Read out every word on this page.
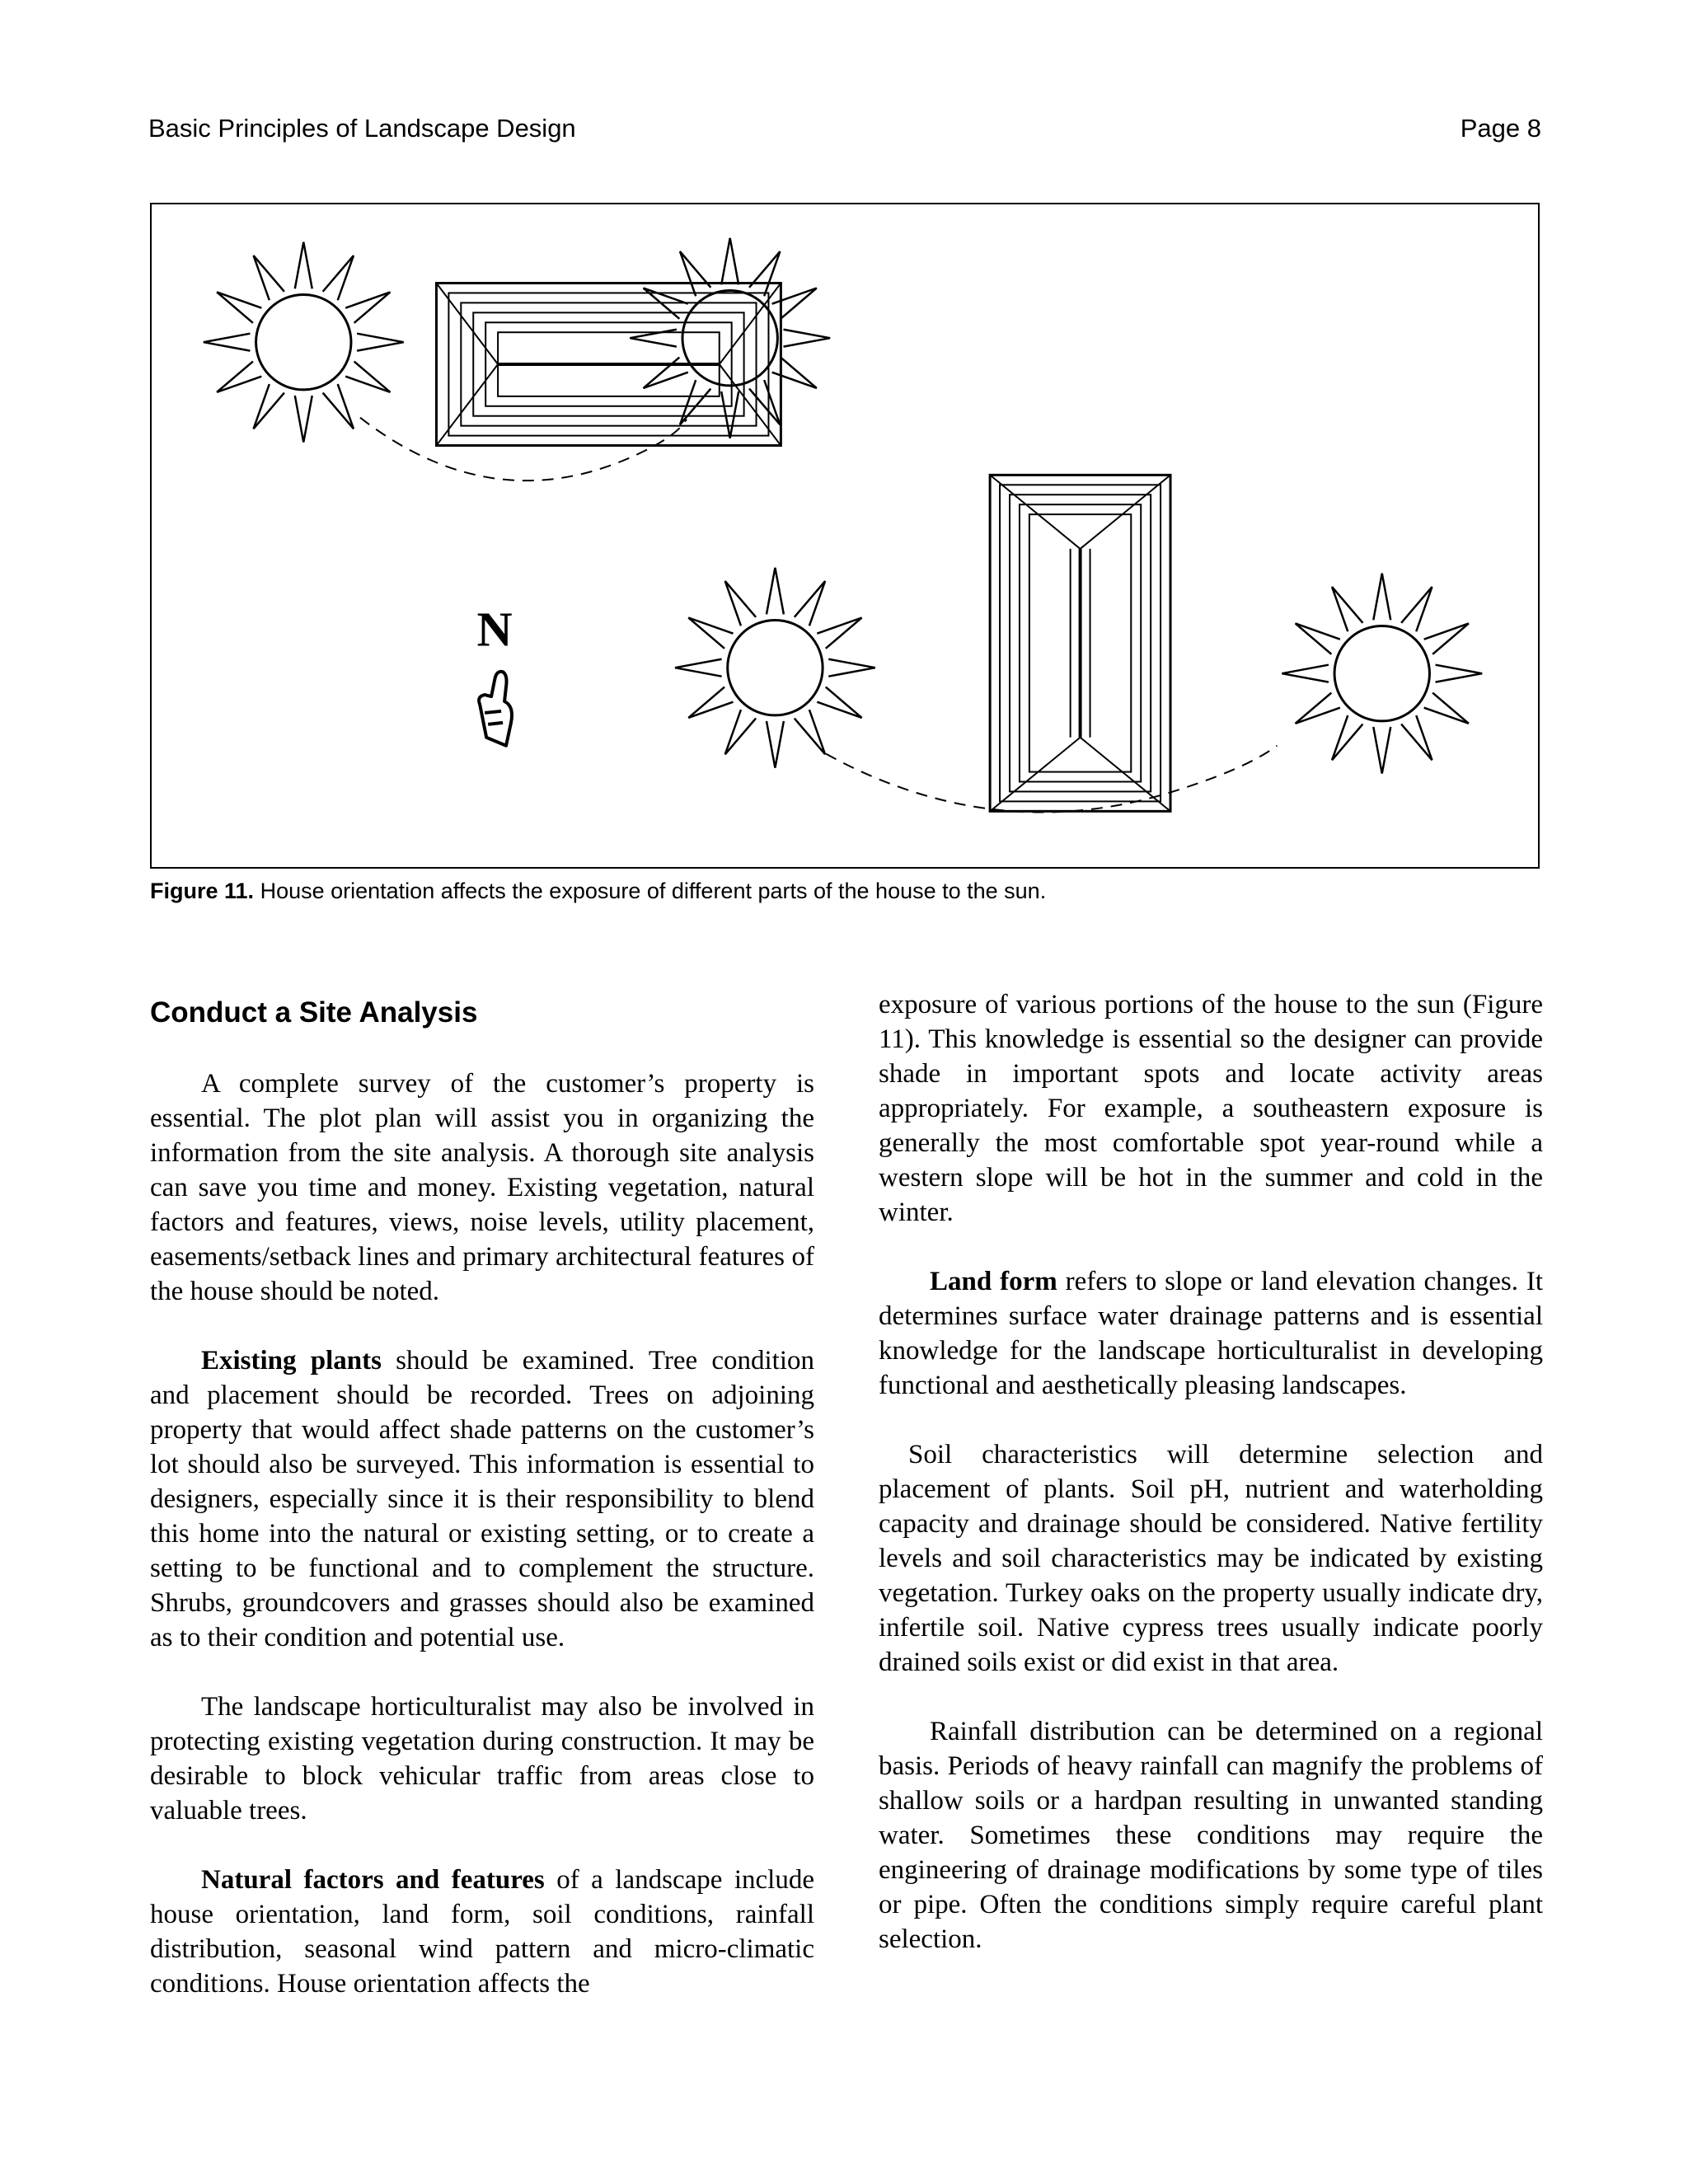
Basic Principles of Landscape Design	Page 8
N
Figure 11. House orientation affects the exposure of different parts of the house to the sun.
Conduct a Site Analysis

A complete survey of the customer’s property is essential. The plot plan will assist you in organizing the information from the site analysis. A thorough site analysis can save you time and money. Existing vegetation, natural factors and features, views, noise levels, utility placement, easements/setback lines and primary architectural features of the house should be noted.

Existing plants should be examined. Tree condition and placement should be recorded. Trees on adjoining property that would affect shade patterns on the customer’s lot should also be surveyed. This information is essential to designers, especially since it is their responsibility to blend this home into the natural or existing setting, or to create a setting to be functional and to complement the structure. Shrubs, groundcovers and grasses should also be examined as to their condition and potential use.

The landscape horticulturalist may also be involved in protecting existing vegetation during construction. It may be desirable to block vehicular traffic from areas close to valuable trees.

Natural factors and features of a landscape include house orientation, land form, soil conditions, rainfall distribution, seasonal wind pattern and micro-climatic conditions. House orientation affects the

exposure of various portions of the house to the sun (Figure 11). This knowledge is essential so the designer can provide shade in important spots and locate activity areas appropriately. For example, a southeastern exposure is generally the most comfortable spot year-round while a western slope will be hot in the summer and cold in the winter.

Land form refers to slope or land elevation changes. It determines surface water drainage patterns and is essential knowledge for the landscape horticulturalist in developing functional and aesthetically pleasing landscapes.

Soil characteristics will determine selection and placement of plants. Soil pH, nutrient and waterholding capacity and drainage should be considered. Native fertility levels and soil characteristics may be indicated by existing vegetation. Turkey oaks on the property usually indicate dry, infertile soil. Native cypress trees usually indicate poorly drained soils exist or did exist in that area.

Rainfall distribution can be determined on a regional basis. Periods of heavy rainfall can magnify the problems of shallow soils or a hardpan resulting in unwanted standing water. Sometimes these conditions may require the engineering of drainage modifications by some type of tiles or pipe. Often the conditions simply require careful plant selection.
